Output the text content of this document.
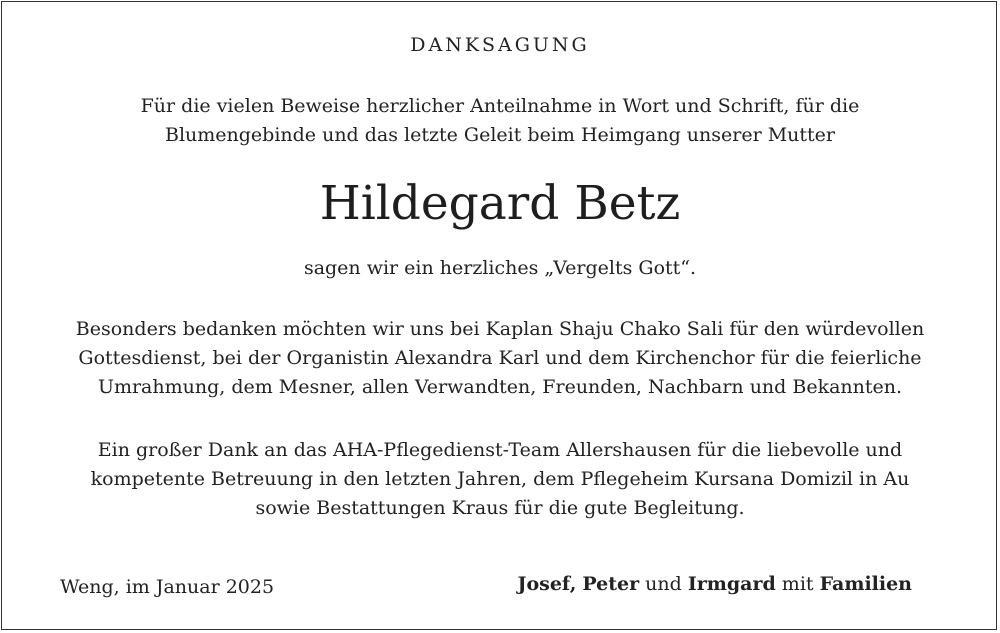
DANKSAGUNG
Für die vielen Beweise herzlicher Anteilnahme in Wort und Schrift, für die
Blumengebinde und das letzte Geleit beim Heimgang unserer Mutter
Hildegard Betz
sagen wir ein herzliches „Vergelts Gott“.
Besonders bedanken möchten wir uns bei Kaplan Shaju Chako Sali für den würdevollen
Gottesdienst, bei der Organistin Alexandra Karl und dem Kirchenchor für die feierliche
Umrahmung, dem Mesner, allen Verwandten, Freunden, Nachbarn und Bekannten.
Ein großer Dank an das AHA-Pflegedienst-Team Allershausen für die liebevolle und
kompetente Betreuung in den letzten Jahren, dem Pflegeheim Kursana Domizil in Au
sowie Bestattungen Kraus für die gute Begleitung.
Weng, im Januar 2025	Josef, Peter und Irmgard mit Familien
